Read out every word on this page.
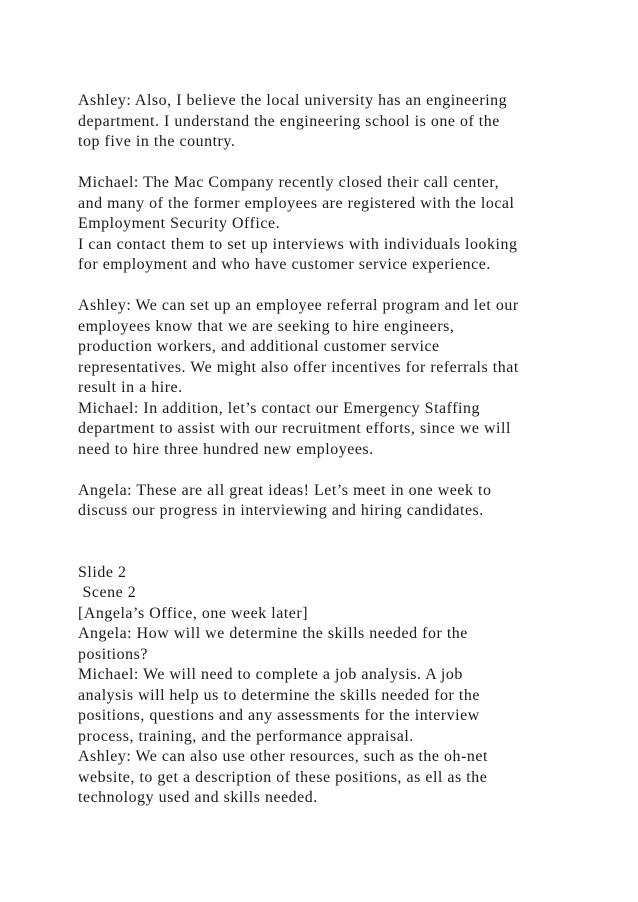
Ashley: Also, I believe the local university has an engineering
department. I understand the engineering school is one of the
top five in the country.
Michael: The Mac Company recently closed their call center,
and many of the former employees are registered with the local
Employment Security Office.
I can contact them to set up interviews with individuals looking
for employment and who have customer service experience.
Ashley: We can set up an employee referral program and let our
employees know that we are seeking to hire engineers,
production workers, and additional customer service
representatives. We might also offer incentives for referrals that
result in a hire.
Michael: In addition, let’s contact our Emergency Staffing
department to assist with our recruitment efforts, since we will
need to hire three hundred new employees.
Angela: These are all great ideas! Let’s meet in one week to
discuss our progress in interviewing and hiring candidates.
Slide 2
Scene 2
[Angela’s Office, one week later]
Angela: How will we determine the skills needed for the
positions?
Michael: We will need to complete a job analysis. A job
analysis will help us to determine the skills needed for the
positions, questions and any assessments for the interview
process, training, and the performance appraisal.
Ashley: We can also use other resources, such as the oh-net
website, to get a description of these positions, as ell as the
technology used and skills needed.
